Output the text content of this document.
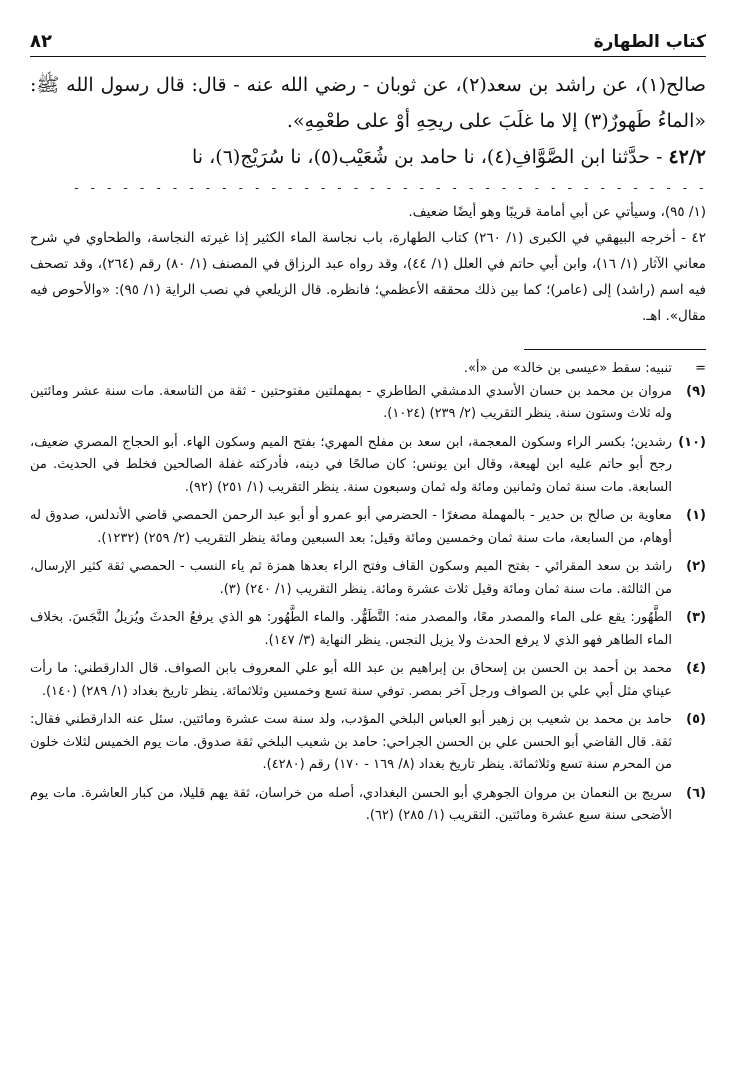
كتاب الطهارة
٨٢

صالح(١)، عن راشد بن سعد(٢)، عن ثوبان - رضي الله عنه - قال: قال رسول الله ﷺ: «الماءُ طَهورٌ(٣) إلا ما غلَبَ على ريحِهِ أوْ على طعْمِهِ».

٤٢/٢ - حدَّثنا ابن الصَّوَّافِ(٤)، نا حامد بن شُعَيْب(٥)، نا سُرَيْج(٦)، نا

- - - - - - - - - - - - - - - - - - - - - - - - - - - - - - - - - - - - - - -

(١/ ٩٥)، وسيأتي عن أبي أمامة قريبًا وهو أيضًا ضعيف.

٤٢ - أخرجه البيهقي في الكبرى (١/ ٢٦٠) كتاب الطهارة، باب نجاسة الماء الكثير إذا غيرته النجاسة، والطحاوي في شرح معاني الآثار (١/ ١٦)، وابن أبي حاتم في العلل (١/ ٤٤)، وقد رواه عبد الرزاق في المصنف (١/ ٨٠) رقم (٢٦٤)، وقد تصحف فيه اسم (راشد) إلى (عامر)؛ كما بين ذلك محققه الأعظمي؛ فانظره. قال الزيلعي في نصب الراية (١/ ٩٥): «والأحوص فيه مقال». اهـ.

=
تنبيه: سقط «عيسى بن خالد» من «أ».
(٩)
مروان بن محمد بن حسان الأسدي الدمشقي الطاطري - بمهملتين مفتوحتين - ثقة من التاسعة. مات سنة عشر ومائتين وله ثلاث وستون سنة. ينظر التقريب (٢/ ٢٣٩) (١٠٢٤).
(١٠)
رشدين؛ بكسر الراء وسكون المعجمة، ابن سعد بن مفلح المهري؛ بفتح الميم وسكون الهاء. أبو الحجاج المصري ضعيف، رجح أبو حاتم عليه ابن لهيعة، وقال ابن يونس: كان صالحًا في دينه، فأدركته غفلة الصالحين فخلط في الحديث. من السابعة. مات سنة ثمان وثمانين ومائة وله ثمان وسبعون سنة. ينظر التقريب (١/ ٢٥١) (٩٢).
(١)
معاوية بن صالح بن حدير - بالمهملة مصغرًا - الحضرمي أبو عمرو أو أبو عبد الرحمن الحمصي قاضي الأندلس، صدوق له أوهام، من السابعة، مات سنة ثمان وخمسين ومائة وقيل: بعد السبعين ومائة ينظر التقريب (٢/ ٢٥٩) (١٢٣٢).
(٢)
راشد بن سعد المقرائي - بفتح الميم وسكون القاف وفتح الراء بعدها همزة ثم ياء النسب - الحمصي ثقة كثير الإرسال، من الثالثة. مات سنة ثمان ومائة وقيل ثلاث عشرة ومائة. ينظر التقريب (١/ ٢٤٠) (٣).
(٣)
الطَّهُور: يقع على الماء والمصدر معًا، والمصدر منه: التَّطَهُّر. والماء الطَّهُور: هو الذي يرفعُ الحدثَ ويُزيلُ النَّجَسَ. بخلاف الماء الطاهر فهو الذي لا يرفع الحدث ولا يزيل النجس. ينظر النهاية (٣/ ١٤٧).
(٤)
محمد بن أحمد بن الحسن بن إسحاق بن إبراهيم بن عبد الله أبو علي المعروف بابن الصواف. قال الدارقطني: ما رأت عيناي مثل أبي علي بن الصواف ورجل آخر بمصر. توفي سنة تسع وخمسين وثلاثمائة. ينظر تاريخ بغداد (١/ ٢٨٩) (١٤٠).
(٥)
حامد بن محمد بن شعيب بن زهير أبو العباس البلخي المؤدب، ولد سنة ست عشرة ومائتين. سئل عنه الدارقطني فقال: ثقة. قال القاضي أبو الحسن علي بن الحسن الجراحي: حامد بن شعيب البلخي ثقة صدوق. مات يوم الخميس لثلاث خلون من المحرم سنة تسع وثلاثمائة. ينظر تاريخ بغداد (٨/ ١٦٩ - ١٧٠) رقم (٤٢٨٠).
(٦)
سريج بن النعمان بن مروان الجوهري أبو الحسن البغدادي، أصله من خراسان، ثقة يهم قليلا، من كبار العاشرة. مات يوم الأضحى سنة سبع عشرة ومائتين. التقريب (١/ ٢٨٥) (٦٢).
